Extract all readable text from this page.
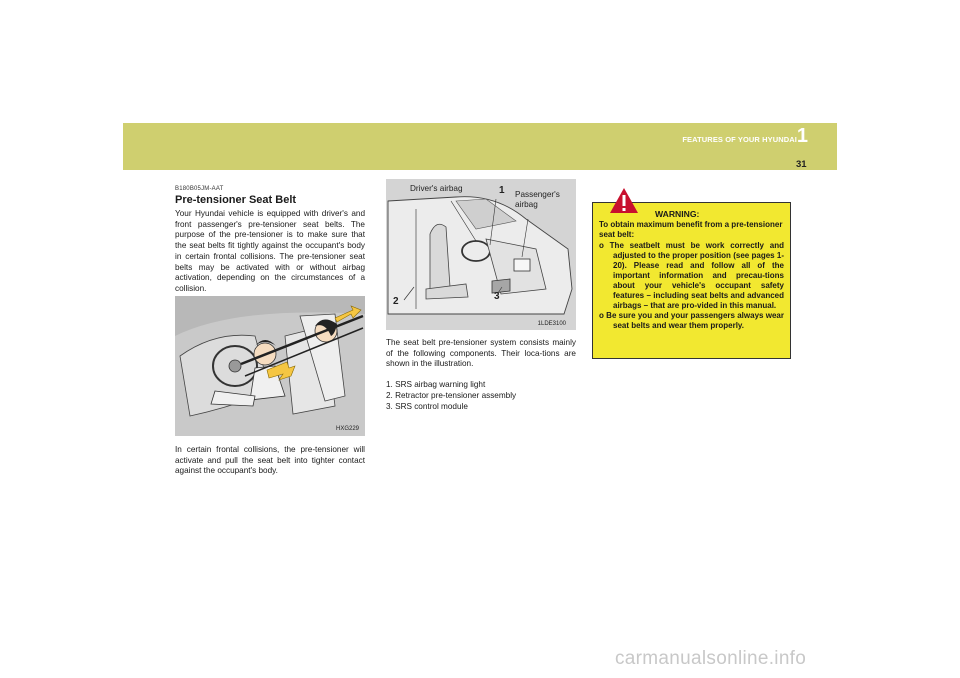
FEATURES OF YOUR HYUNDAI 1
31
B180B05JM-AAT
Pre-tensioner Seat Belt
Your Hyundai vehicle is equipped with driver's and front passenger's pre-tensioner seat belts. The purpose of the pre-tensioner is to make sure that the seat belts fit tightly against the occupant's body in certain frontal collisions. The pre-tensioner seat belts may be activated with or without airbag activation, depending on the circumstances of a collision.
HXG229
In certain frontal collisions, the pre-tensioner will activate and pull the seat belt into tighter contact against the occupant's body.
Driver's airbag
Passenger's
airbag
1
2	3
1LDE3100
The seat belt pre-tensioner system consists mainly of the following components. Their loca-tions are shown in the illustration.
1. SRS airbag warning light
2. Retractor pre-tensioner assembly
3. SRS control module
WARNING:
To obtain maximum benefit from a pre-tensioner seat belt:
o The seatbelt must be work correctly and adjusted to the proper position (see pages 1-20). Please read and follow all of the important information and precau-tions about your vehicle's occupant safety features – including seat belts and advanced airbags – that are pro-vided in this manual.
o Be sure you and your passengers always wear seat belts and wear them properly.
carmanualsonline.info
